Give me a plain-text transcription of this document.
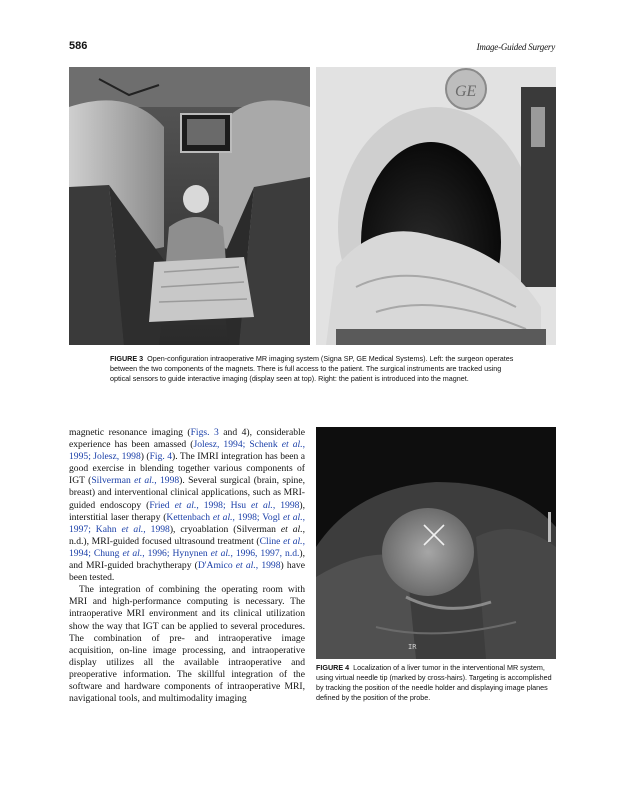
586	Image-Guided Surgery
GE
FIGURE 3 Open-configuration intraoperative MR imaging system (Signa SP, GE Medical Systems). Left: the surgeon operates between the two components of the magnets. There is full access to the patient. The surgical instruments are tracked using optical sensors to guide interactive imaging (display seen at top). Right: the patient is introduced into the magnet.

magnetic resonance imaging (Figs. 3 and 4), considerable experience has been amassed (Jolesz, 1994; Schenk et al., 1995; Jolesz, 1998) (Fig. 4). The IMRI integration has been a good exercise in blending together various components of IGT (Silverman et al., 1998). Several surgical (brain, spine, breast) and interventional clinical applications, such as MRI-guided endoscopy (Fried et al., 1998; Hsu et al., 1998), interstitial laser therapy (Kettenbach et al., 1998; Vogl et al., 1997; Kahn et al., 1998), cryoablation (Silverman et al., n.d.), MRI-guided focused ultrasound treatment (Cline et al., 1994; Chung et al., 1996; Hynynen et al., 1996, 1997, n.d.), and MRI-guided brachytherapy (D'Amico et al., 1998) have been tested.

The integration of combining the operating room with MRI and high-performance computing is necessary. The intraoperative MRI environment and its clinical utilization show the way that IGT can be applied to several procedures. The combination of pre- and intraoperative image acquisition, on-line image processing, and intraoperative display utilizes all the available intraoperative and preoperative information. The skillful integration of the software and hardware components of intraoperative MRI, navigational tools, and multimodality imaging

IR
FIGURE 4 Localization of a liver tumor in the interventional MR system, using virtual needle tip (marked by cross-hairs). Targeting is accomplished by tracking the position of the needle holder and displaying image planes defined by the position of the probe.
